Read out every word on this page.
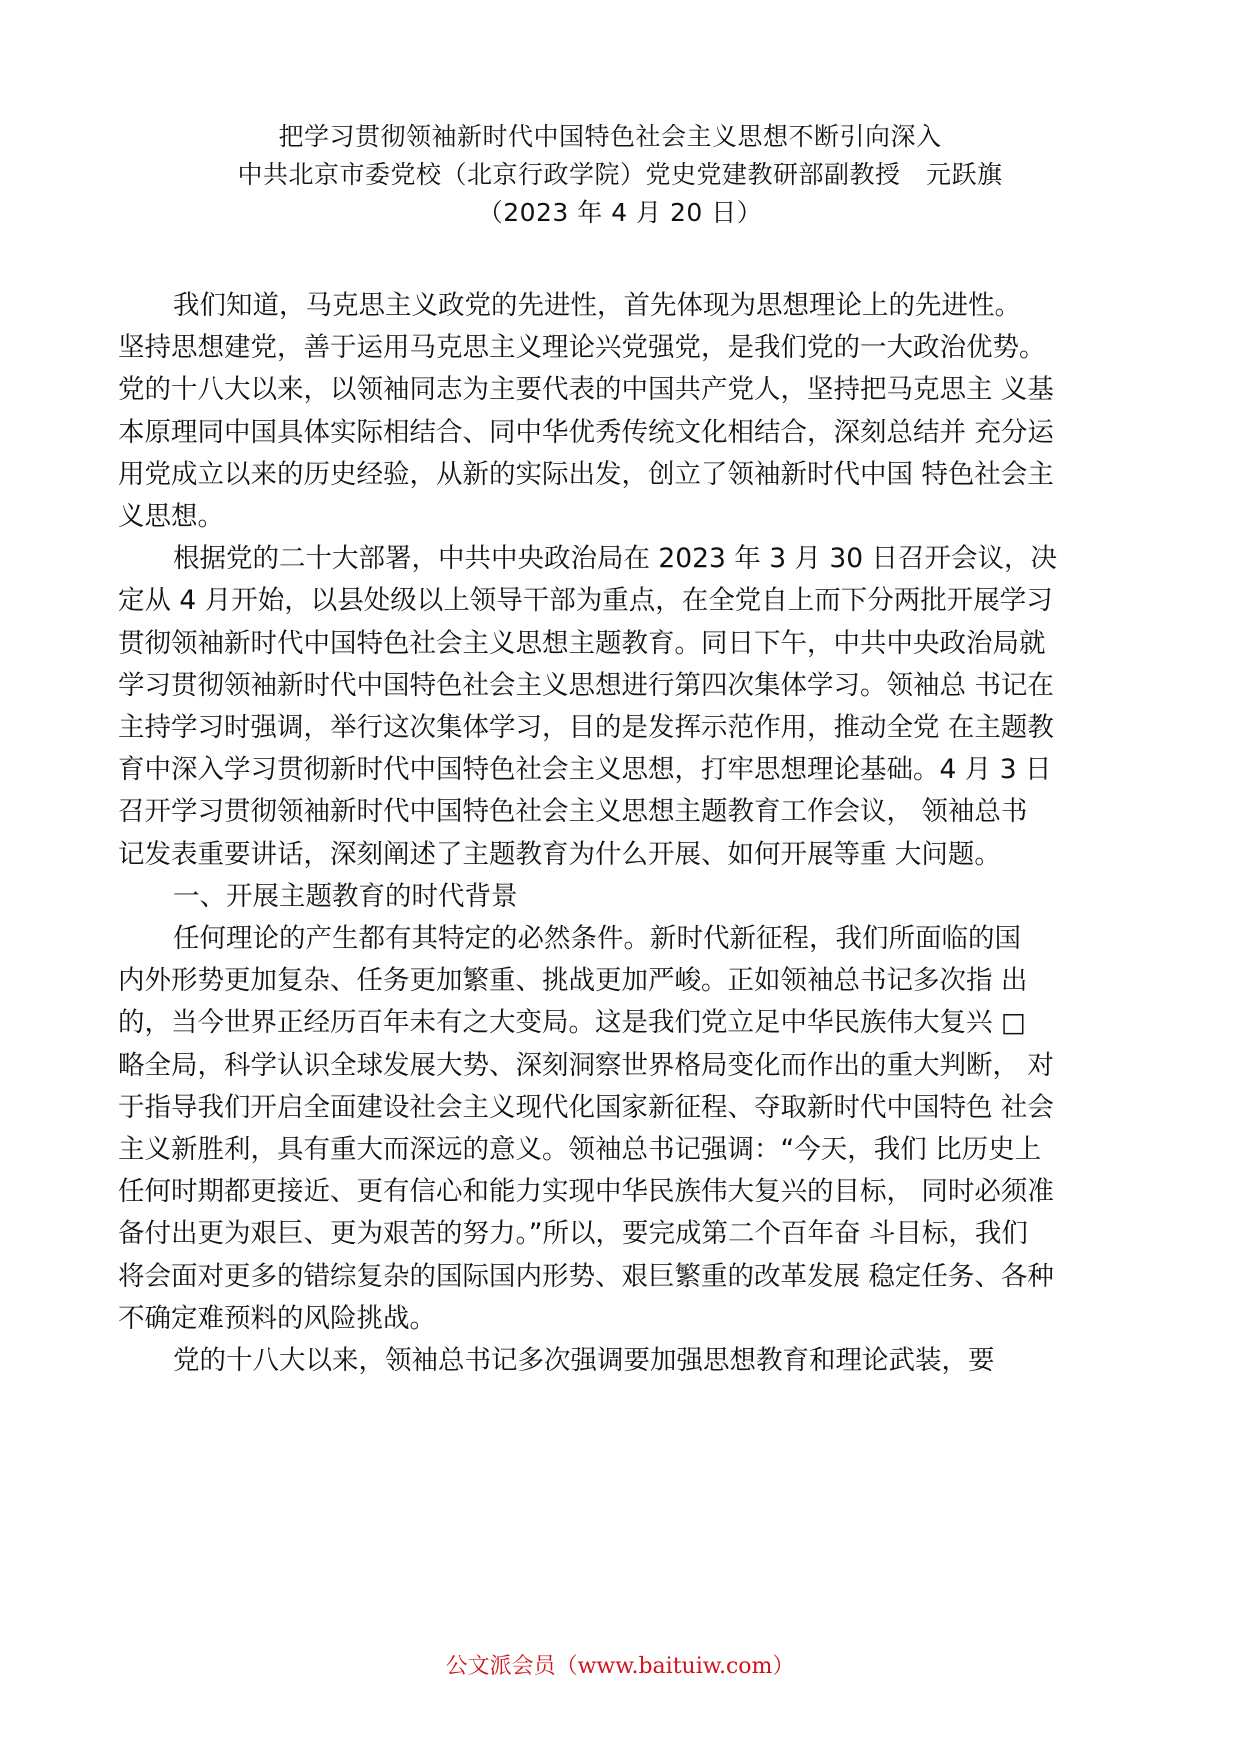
把学习贯彻领袖新时代中国特色社会主义思想不断引向深入
中共北京市委党校（北京行政学院）党史党建教研部副教授　元跃旗
（2023 年 4 月 20 日）

我们知道，马克思主义政党的先进性，首先体现为思想理论上的先进性。
坚持思想建党，善于运用马克思主义理论兴党强党，是我们党的一大政治优势。
党的十八大以来，以领袖同志为主要代表的中国共产党人，坚持把马克思主 义基
本原理同中国具体实际相结合、同中华优秀传统文化相结合，深刻总结并 充分运
用党成立以来的历史经验，从新的实际出发，创立了领袖新时代中国 特色社会主
义思想。

根据党的二十大部署，中共中央政治局在 2023 年 3 月 30 日召开会议，决
定从 4 月开始，以县处级以上领导干部为重点，在全党自上而下分两批开展学习
贯彻领袖新时代中国特色社会主义思想主题教育。同日下午，中共中央政治局就
学习贯彻领袖新时代中国特色社会主义思想进行第四次集体学习。领袖总 书记在
主持学习时强调，举行这次集体学习，目的是发挥示范作用，推动全党 在主题教
育中深入学习贯彻新时代中国特色社会主义思想，打牢思想理论基础。4 月 3 日
召开学习贯彻领袖新时代中国特色社会主义思想主题教育工作会议， 领袖总书
记发表重要讲话，深刻阐述了主题教育为什么开展、如何开展等重 大问题。

一、开展主题教育的时代背景

任何理论的产生都有其特定的必然条件。新时代新征程，我们所面临的国
内外形势更加复杂、任务更加繁重、挑战更加严峻。正如领袖总书记多次指 出
的，当今世界正经历百年未有之大变局。这是我们党立足中华民族伟大复兴 □
略全局，科学认识全球发展大势、深刻洞察世界格局变化而作出的重大判断， 对
于指导我们开启全面建设社会主义现代化国家新征程、夺取新时代中国特色 社会
主义新胜利，具有重大而深远的意义。领袖总书记强调：“今天，我们 比历史上
任何时期都更接近、更有信心和能力实现中华民族伟大复兴的目标， 同时必须准
备付出更为艰巨、更为艰苦的努力。”所以，要完成第二个百年奋 斗目标，我们
将会面对更多的错综复杂的国际国内形势、艰巨繁重的改革发展 稳定任务、各种
不确定难预料的风险挑战。

党的十八大以来，领袖总书记多次强调要加强思想教育和理论武装，要

公文派会员（www.baituiw.com）
